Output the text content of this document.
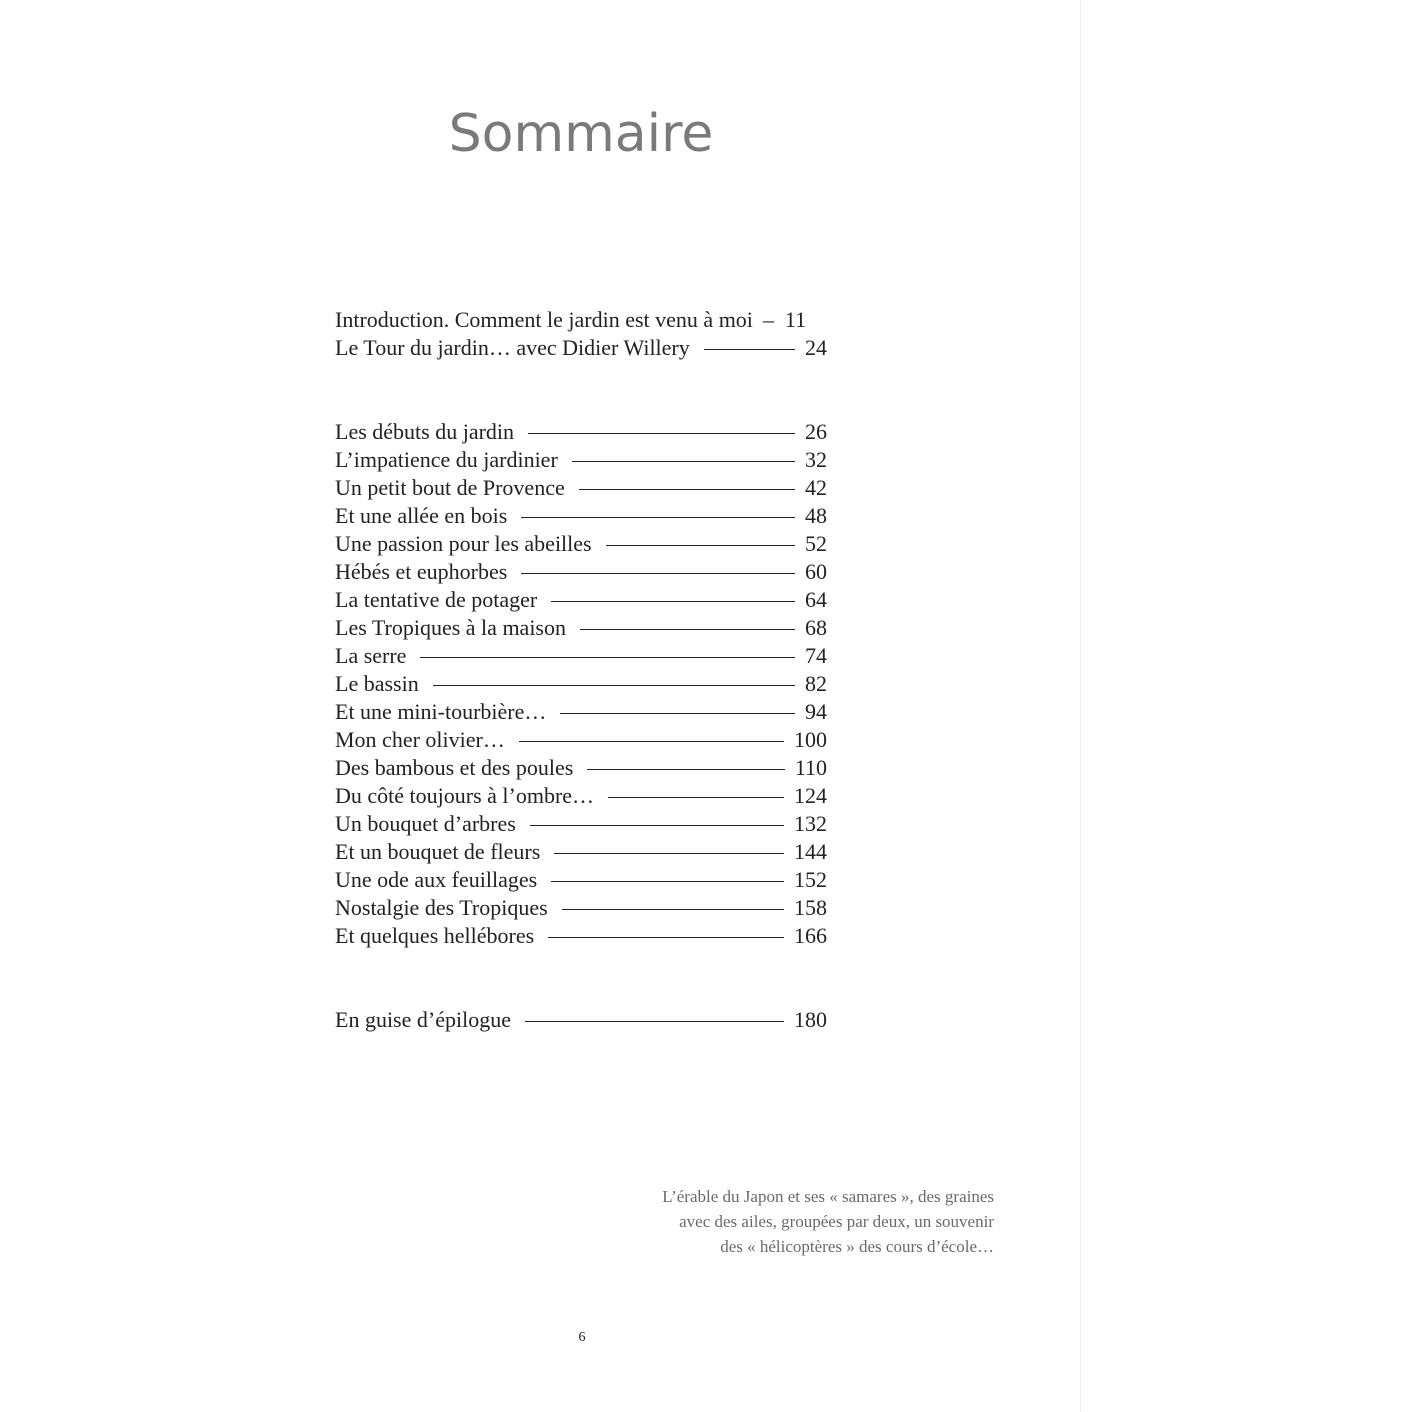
Sommaire
Introduction. Comment le jardin est venu à moi – 11
Le Tour du jardin… avec Didier Willery	24
Les débuts du jardin	26
L’impatience du jardinier	32
Un petit bout de Provence	42
Et une allée en bois	48
Une passion pour les abeilles	52
Hébés et euphorbes	60
La tentative de potager	64
Les Tropiques à la maison	68
La serre	74
Le bassin	82
Et une mini-tourbière…	94
Mon cher olivier…	100
Des bambous et des poules	110
Du côté toujours à l’ombre…	124
Un bouquet d’arbres	132
Et un bouquet de fleurs	144
Une ode aux feuillages	152
Nostalgie des Tropiques	158
Et quelques hellébores	166
En guise d’épilogue	180

L’érable du Japon et ses « samares », des graines
avec des ailes, groupées par deux, un souvenir
des « hélicoptères » des cours d’école…

6
